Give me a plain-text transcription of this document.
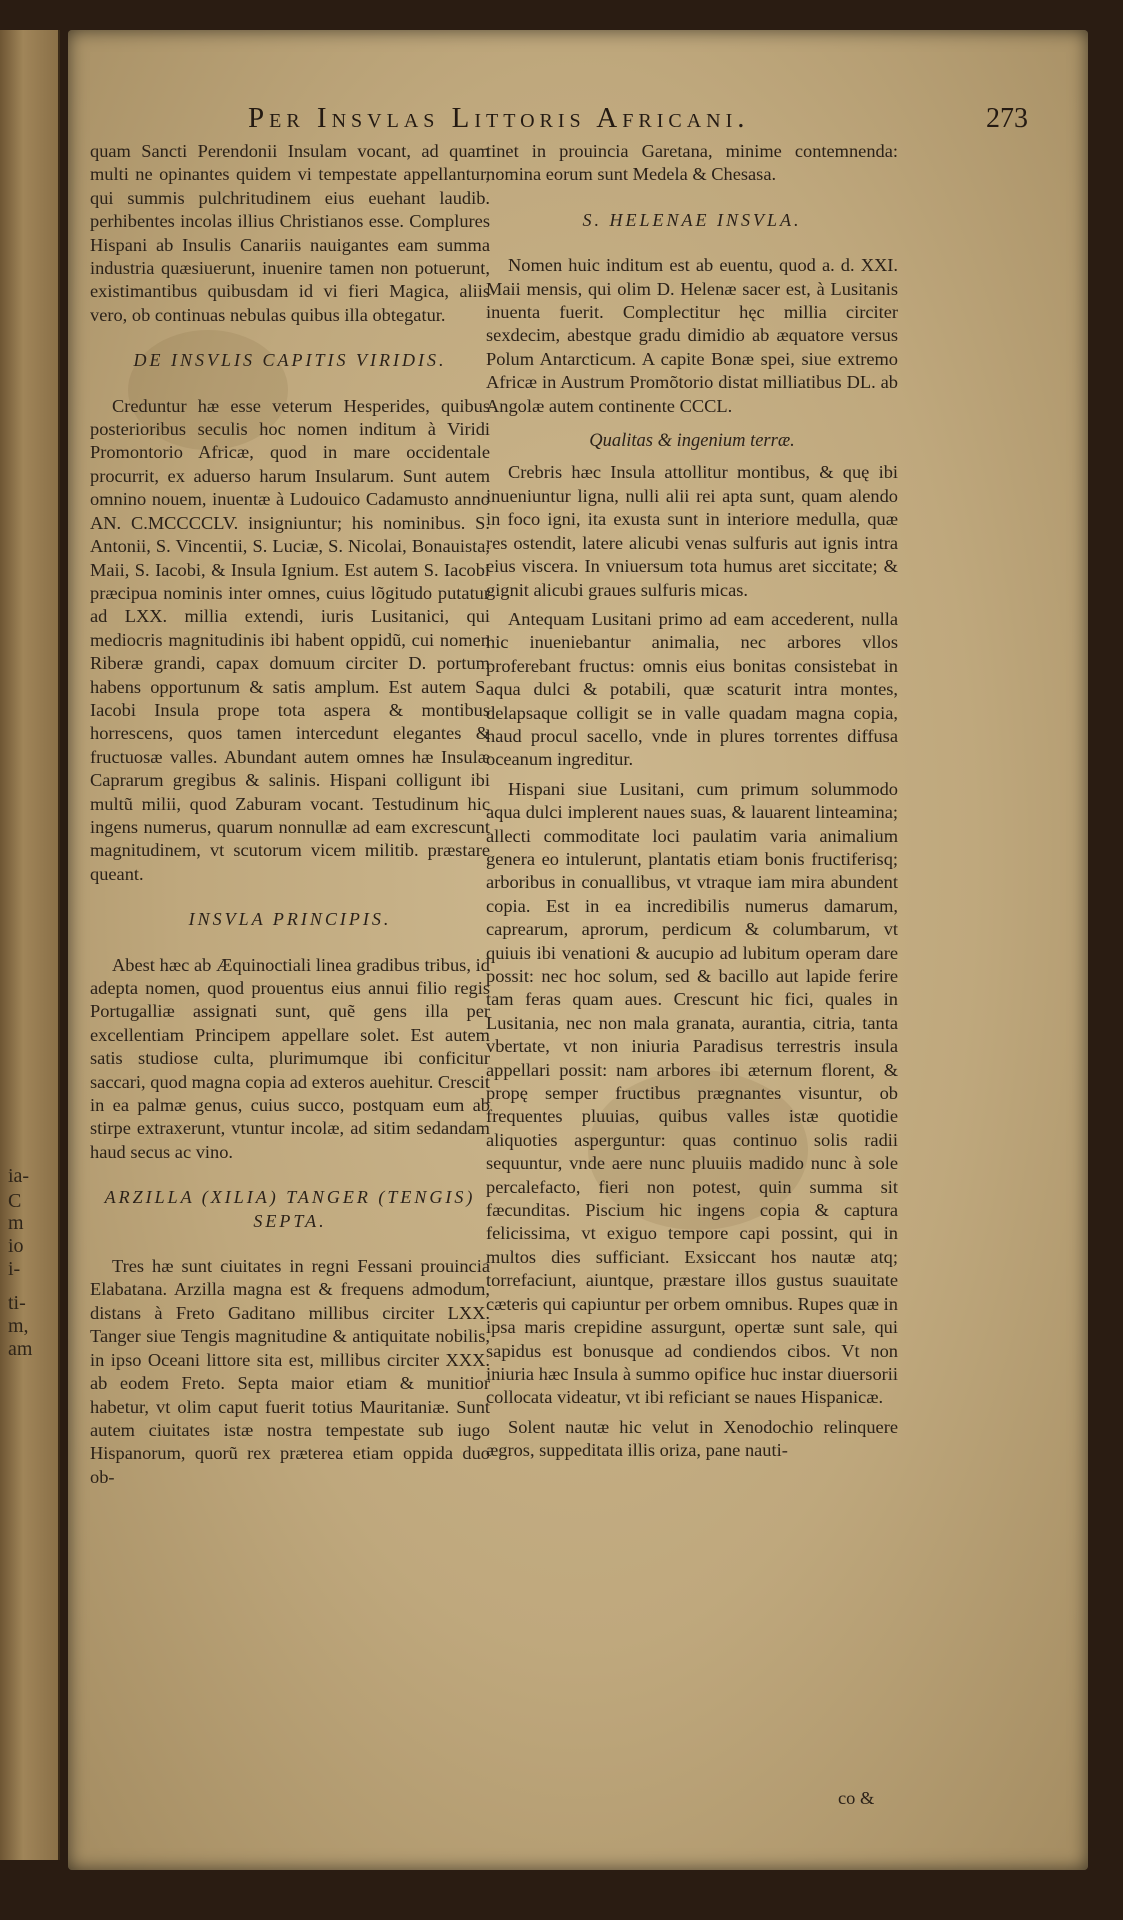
ia-
C
m
io
i-
ti-
m,
am
Per Insvlas Littoris Africani.	273

quam Sancti Perendonii Insulam vocant, ad quam multi ne opinantes quidem vi tempestate appellantur, qui summis pulchritudinem eius euehant laudib. perhibentes incolas illius Christianos esse. Complures Hispani ab Insulis Canariis nauigantes eam summa industria quæsiuerunt, inuenire tamen non potuerunt, existimantibus quibusdam id vi fieri Magica, aliis vero, ob continuas nebulas quibus illa obtegatur.

DE INSVLIS CAPITIS VIRIDIS.

Creduntur hæ esse veterum Hesperides, quibus posterioribus seculis hoc nomen inditum à Viridi Promontorio Africæ, quod in mare occidentale procurrit, ex aduerso harum Insularum. Sunt autem omnino nouem, inuentæ à Ludouico Cadamusto anno AN. C.MCCCCLV. insigniuntur; his nominibus. S. Antonii, S. Vincentii, S. Luciæ, S. Nicolai, Bonauista, Maii, S. Iacobi, & Insula Ignium. Est autem S. Iacobi præcipua nominis inter omnes, cuius lõgitudo putatur ad LXX. millia extendi, iuris Lusitanici, qui mediocris magnitudinis ibi habent oppidũ, cui nomen Riberæ grandi, capax domuum circiter D. portum habens opportunum & satis amplum. Est autem S. Iacobi Insula prope tota aspera & montibus horrescens, quos tamen intercedunt elegantes & fructuosæ valles. Abundant autem omnes hæ Insulæ Caprarum gregibus & salinis. Hispani colligunt ibi multũ milii, quod Zaburam vocant. Testudinum hic ingens numerus, quarum nonnullæ ad eam excrescunt magnitudinem, vt scutorum vicem militib. præstare queant.

INSVLA PRINCIPIS.

Abest hæc ab Æquinoctiali linea gradibus tribus, id adepta nomen, quod prouentus eius annui filio regis Portugalliæ assignati sunt, quẽ gens illa per excellentiam Principem appellare solet. Est autem satis studiose culta, plurimumque ibi conficitur saccari, quod magna copia ad exteros auehitur. Crescit in ea palmæ genus, cuius succo, postquam eum ab stirpe extraxerunt, vtuntur incolæ, ad sitim sedandam haud secus ac vino.

ARZILLA (XILIA) TANGER (TENGIS) SEPTA.

Tres hæ sunt ciuitates in regni Fessani prouincia Elabatana. Arzilla magna est & frequens admodum, distans à Freto Gaditano millibus circiter LXX. Tanger siue Tengis magnitudine & antiquitate nobilis, in ipso Oceani littore sita est, millibus circiter XXX. ab eodem Freto. Septa maior etiam & munitior habetur, vt olim caput fuerit totius Mauritaniæ. Sunt autem ciuitates istæ nostra tempestate sub iugo Hispanorum, quorũ rex præterea etiam oppida duo ob-

tinet in prouincia Garetana, minime contemnenda: nomina eorum sunt Medela & Chesasa.

S. HELENAE INSVLA.

Nomen huic inditum est ab euentu, quod a. d. XXI. Maii mensis, qui olim D. Helenæ sacer est, à Lusitanis inuenta fuerit. Complectitur hęc millia circiter sexdecim, abestque gradu dimidio ab æquatore versus Polum Antarcticum. A capite Bonæ spei, siue extremo Africæ in Austrum Promõtorio distat milliatibus DL. ab Angolæ autem continente CCCL.

Qualitas & ingenium terræ.

Crebris hæc Insula attollitur montibus, & quę ibi inueniuntur ligna, nulli alii rei apta sunt, quam alendo in foco igni, ita exusta sunt in interiore medulla, quæ res ostendit, latere alicubi venas sulfuris aut ignis intra eius viscera. In vniuersum tota humus aret siccitate; & gignit alicubi graues sulfuris micas.

Antequam Lusitani primo ad eam accederent, nulla hic inueniebantur animalia, nec arbores vllos proferebant fructus: omnis eius bonitas consistebat in aqua dulci & potabili, quæ scaturit intra montes, delapsaque colligit se in valle quadam magna copia, haud procul sacello, vnde in plures torrentes diffusa oceanum ingreditur.

Hispani siue Lusitani, cum primum solummodo aqua dulci implerent naues suas, & lauarent linteamina; allecti commoditate loci paulatim varia animalium genera eo intulerunt, plantatis etiam bonis fructiferisq; arboribus in conuallibus, vt vtraque iam mira abundent copia. Est in ea incredibilis numerus damarum, caprearum, aprorum, perdicum & columbarum, vt quiuis ibi venationi & aucupio ad lubitum operam dare possit: nec hoc solum, sed & bacillo aut lapide ferire tam feras quam aues. Crescunt hic fici, quales in Lusitania, nec non mala granata, aurantia, citria, tanta vbertate, vt non iniuria Paradisus terrestris insula appellari possit: nam arbores ibi æternum florent, & propę semper fructibus prægnantes visuntur, ob frequentes pluuias, quibus valles istæ quotidie aliquoties asperguntur: quas continuo solis radii sequuntur, vnde aere nunc pluuiis madido nunc à sole percalefacto, fieri non potest, quin summa sit fæcunditas. Piscium hic ingens copia & captura felicissima, vt exiguo tempore capi possint, qui in multos dies sufficiant. Exsiccant hos nautæ atq; torrefaciunt, aiuntque, præstare illos gustus suauitate cæteris qui capiuntur per orbem omnibus. Rupes quæ in ipsa maris crepidine assurgunt, opertæ sunt sale, qui sapidus est bonusque ad condiendos cibos. Vt non iniuria hæc Insula à summo opifice huc instar diuersorii collocata videatur, vt ibi reficiant se naues Hispanicæ.

Solent nautæ hic velut in Xenodochio relinquere ægros, suppeditata illis oriza, pane nauti-

co &
